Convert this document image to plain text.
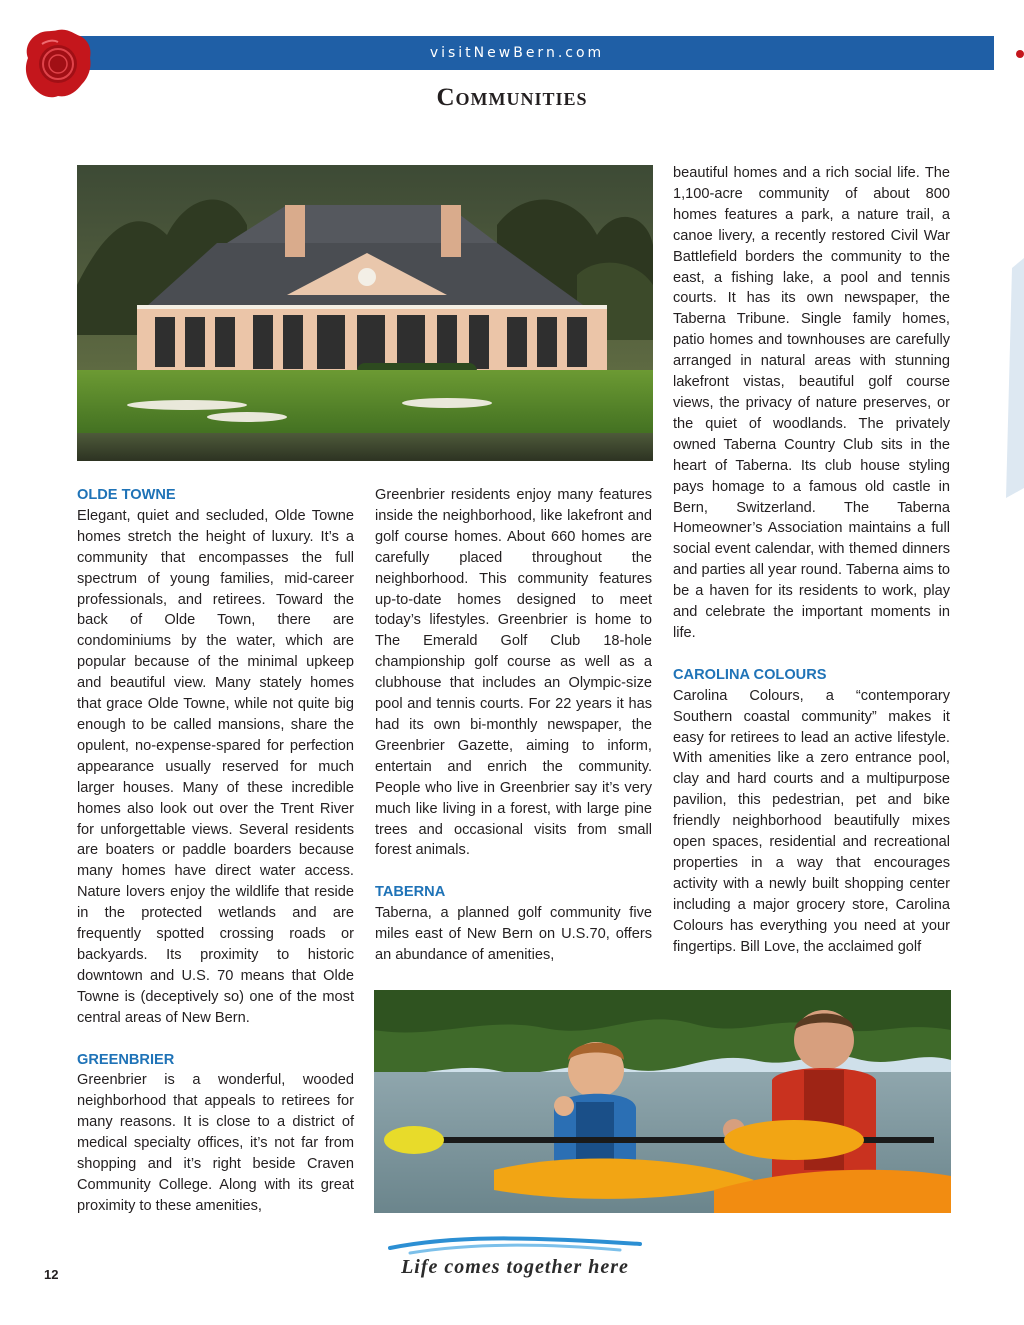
visitNewBern.com
Communities
OLDE TOWNE

Elegant, quiet and secluded, Olde Towne homes stretch the height of luxury. It’s a community that encompasses the full spectrum of young families, mid-career professionals, and retirees. Toward the back of Olde Town, there are condominiums by the water, which are popular because of the minimal upkeep and beautiful view. Many stately homes that grace Olde Towne, while not quite big enough to be called mansions, share the opulent, no-expense-spared for perfection appearance usually reserved for much larger houses. Many of these incredible homes also look out over the Trent River for unforgettable views. Several residents are boaters or paddle boarders because many homes have direct water access. Nature lovers enjoy the wildlife that reside in the protected wetlands and are frequently spotted crossing roads or backyards. Its proximity to historic downtown and U.S. 70 means that Olde Towne is (deceptively so) one of the most central areas of New Bern.

GREENBRIER

Greenbrier is a wonderful, wooded neighborhood that appeals to retirees for many reasons. It is close to a district of medical specialty offices, it’s not far from shopping and it’s right beside Craven Community College. Along with its great proximity to these amenities,

Greenbrier residents enjoy many features inside the neighborhood, like lakefront and golf course homes. About 660 homes are carefully placed throughout the neighborhood. This community features up-to-date homes designed to meet today’s lifestyles. Greenbrier is home to The Emerald Golf Club 18-hole championship golf course as well as a clubhouse that includes an Olympic-size pool and tennis courts. For 22 years it has had its own bi-monthly newspaper, the Greenbrier Gazette, aiming to inform, entertain and enrich the community. People who live in Greenbrier say it’s very much like living in a forest, with large pine trees and occasional visits from small forest animals.

TABERNA

Taberna, a planned golf community five miles east of New Bern on U.S.70, offers an abundance of amenities,

beautiful homes and a rich social life. The 1,100-acre community of about 800 homes features a park, a nature trail, a canoe livery, a recently restored Civil War Battlefield borders the community to the east, a fishing lake, a pool and tennis courts. It has its own newspaper, the Taberna Tribune. Single family homes, patio homes and townhouses are carefully arranged in natural areas with stunning lakefront vistas, beautiful golf course views, the privacy of nature preserves, or the quiet of woodlands. The privately owned Taberna Country Club sits in the heart of Taberna. Its club house styling pays homage to a famous old castle in Bern, Switzerland. The Taberna Homeowner’s Association maintains a full social event calendar, with themed dinners and parties all year round. Taberna aims to be a haven for its residents to work, play and celebrate the important moments in life.

CAROLINA COLOURS

Carolina Colours, a “contemporary Southern coastal community” makes it easy for retirees to lead an active lifestyle. With amenities like a zero entrance pool, clay and hard courts and a multipurpose pavilion, this pedestrian, pet and bike friendly neighborhood beautifully mixes open spaces, residential and recreational properties in a way that encourages activity with a newly built shopping center including a major grocery store, Carolina Colours has everything you need at your fingertips. Bill Love, the acclaimed golf

12	Life comes together here
